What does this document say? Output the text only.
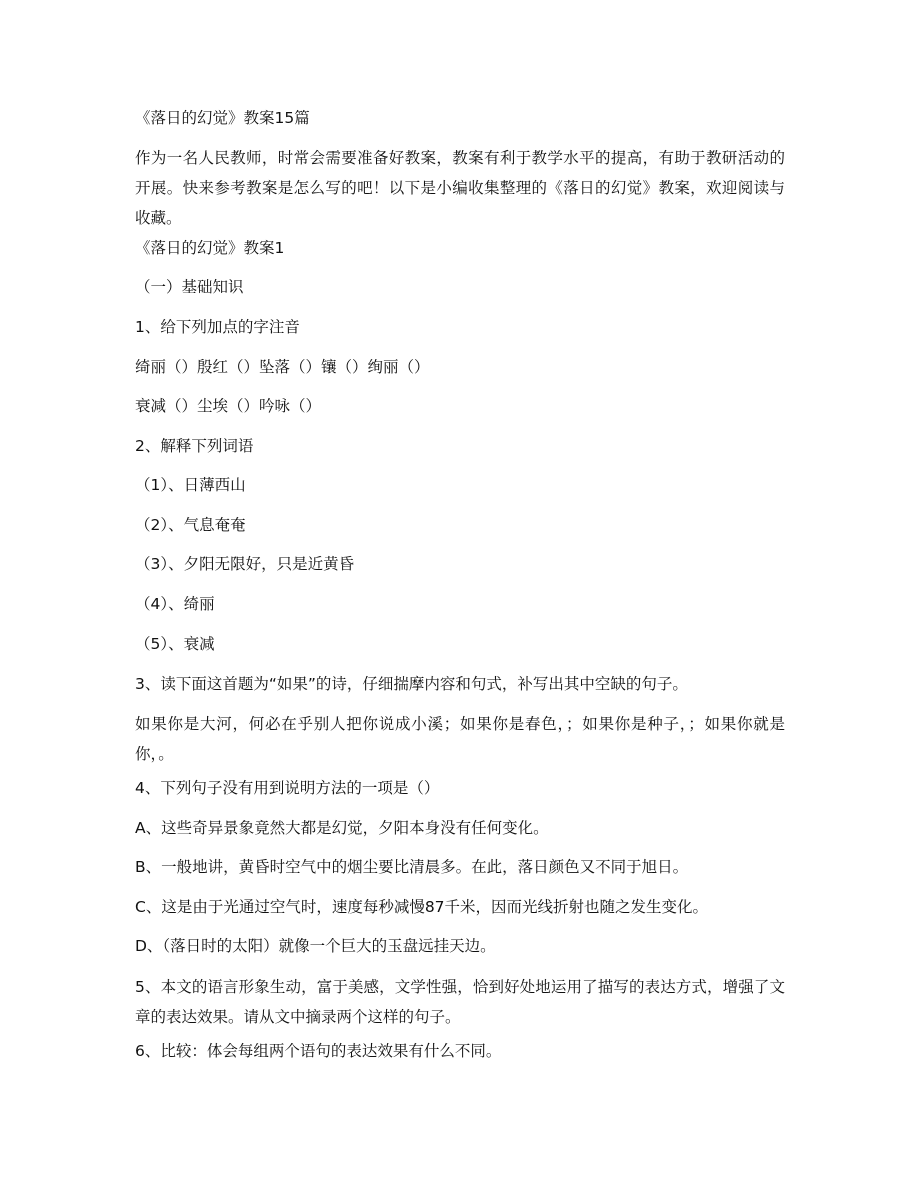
《落日的幻觉》教案15篇

作为一名人民教师，时常会需要准备好教案，教案有利于教学水平的提高，有助于教研活动的开展。快来参考教案是怎么写的吧！以下是小编收集整理的《落日的幻觉》教案，欢迎阅读与收藏。

《落日的幻觉》教案1

（一）基础知识

1、给下列加点的字注音

绮丽（）殷红（）坠落（）镶（）绚丽（）

衰减（）尘埃（）吟咏（）

2、解释下列词语

（1）、日薄西山

（2）、气息奄奄

（3）、夕阳无限好，只是近黄昏

（4）、绮丽

（5）、衰减

3、读下面这首题为“如果”的诗，仔细揣摩内容和句式，补写出其中空缺的句子。

如果你是大河，何必在乎别人把你说成小溪；如果你是春色，；如果你是种子，；如果你就是你，。

4、下列句子没有用到说明方法的一项是（）

A、这些奇异景象竟然大都是幻觉，夕阳本身没有任何变化。

B、一般地讲，黄昏时空气中的烟尘要比清晨多。在此，落日颜色又不同于旭日。

C、这是由于光通过空气时，速度每秒减慢87千米，因而光线折射也随之发生变化。

D、（落日时的太阳）就像一个巨大的玉盘远挂天边。

5、本文的语言形象生动，富于美感，文学性强，恰到好处地运用了描写的表达方式，增强了文章的表达效果。请从文中摘录两个这样的句子。

6、比较：体会每组两个语句的表达效果有什么不同。
